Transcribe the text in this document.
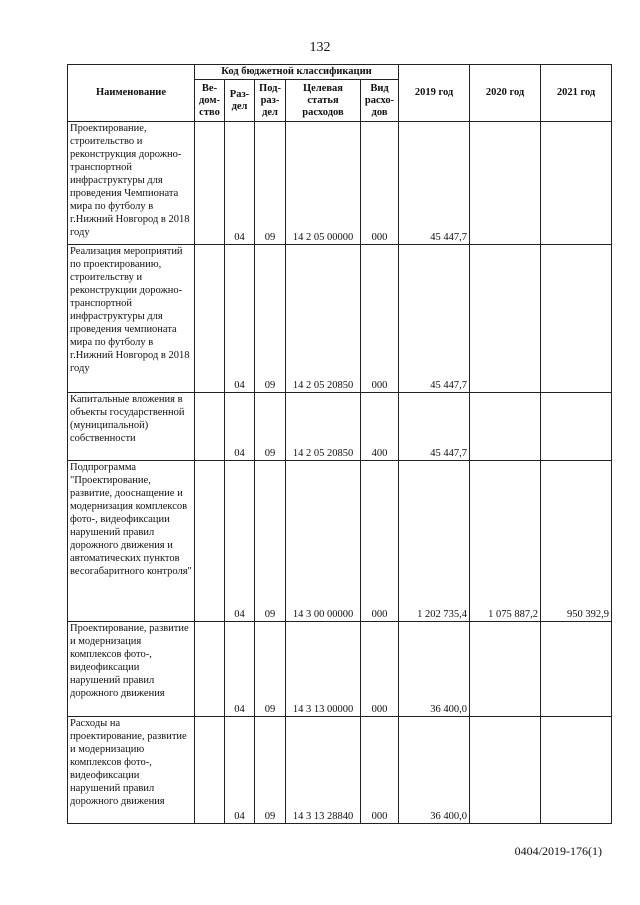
132
Наименование	Код бюджетной классификации					2019 год	2020 год	2021 год
	Ве-дом-ство	Раз-дел	Под-раз-дел	Целевая статья расходов	Вид расхо-дов			
Проектирование, строительство и реконструкция дорожно-транспортной инфраструктуры для проведения Чемпионата мира по футболу в г.Нижний Новгород в 2018 году		04	09	14 2 05 00000	000	45 447,7		
Реализация мероприятий по проектированию, строительству и реконструкции дорожно-транспортной инфраструктуры для проведения чемпионата мира по футболу в г.Нижний Новгород в 2018 году		04	09	14 2 05 20850	000	45 447,7		
Капитальные вложения в объекты государственной (муниципальной) собственности		04	09	14 2 05 20850	400	45 447,7		
Подпрограмма "Проектирование, развитие, дооснащение и модернизация комплексов фото-, видеофиксации нарушений правил дорожного движения и автоматических пунктов весогабаритного контроля"		04	09	14 3 00 00000	000	1 202 735,4	1 075 887,2	950 392,9
Проектирование, развитие и модернизация комплексов фото-, видеофиксации нарушений правил дорожного движения		04	09	14 3 13 00000	000	36 400,0		
Расходы на проектирование, развитие и модернизацию комплексов фото-, видеофиксации нарушений правил дорожного движения		04	09	14 3 13 28840	000	36 400,0		
0404/2019-176(1)
